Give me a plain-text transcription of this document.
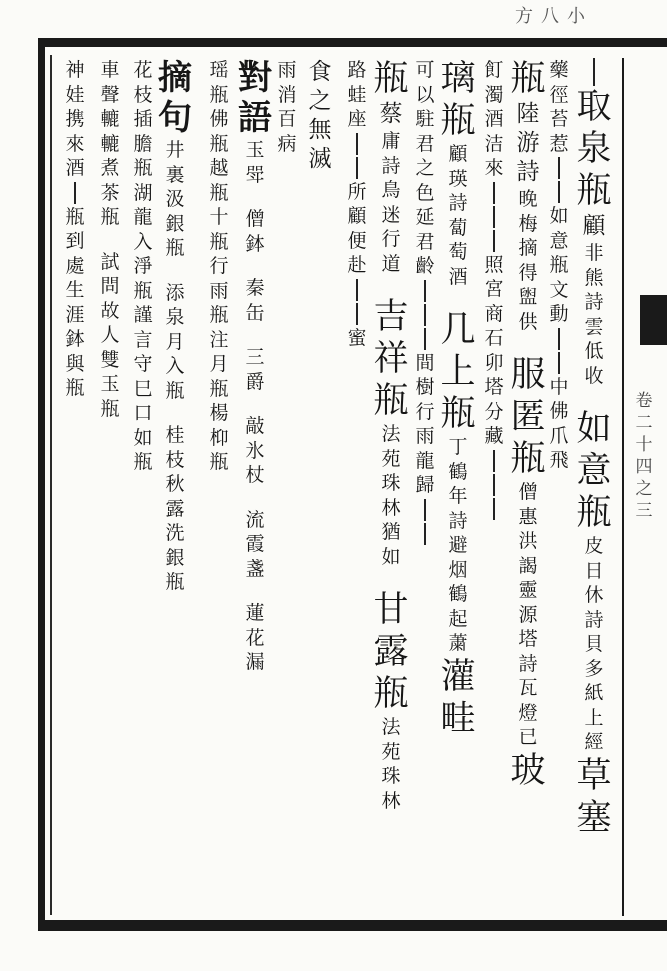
方八小
卷
二
十
四
之
三
取
泉
瓶
顧
非
熊
詩
雲
低
收
如
意
瓶
皮
日
休
詩
貝
多
紙
上
經
草
塞
藥
徑
苔
惹
如
意
瓶
文
動
中
佛
爪
飛
瓶
陸
游
詩
晚
梅
摘
得
盥
供
服
匿
瓶
僧
惠
洪
謁
靈
源
塔
詩
瓦
燈
已
玻
飣
濁
酒
洁
來
照
宮
商
石
卯
塔
分
藏
璃
瓶
顧
瑛
詩
蔔
萄
酒
几
上
瓶
丁
鶴
年
詩
避
烟
鶴
起
䔥
灌
畦
可
以
駐
君
之
色
延
君
齡
間
樹
行
雨
龍
歸
瓶
蔡
庸
詩
鳥
迷
行
道
吉
祥
瓶
法
苑
珠
林
猶
如
甘
露
瓶
法
苑
珠
林
路
蛙
座
所
顧
便
赴
蜜
食
之
無
滅
雨
消
百
病
對
語
玉
斝
僧
鉢
秦
缶
三
爵
敲
氷
杖
流
霞
盞
蓮
花
漏
瑶
瓶
佛
瓶
越
瓶
十
瓶
行
雨
瓶
注
月
瓶
楊
枊
瓶
摘
句
井
裏
汲
銀
瓶
添
泉
月
入
瓶
桂
枝
秋
露
洗
銀
瓶
花
枝
插
膽
瓶
湖
龍
入
淨
瓶
謹
言
守
巳
口
如
瓶
車
聲
轆
轆
煮
茶
瓶
試
問
故
人
雙
玉
瓶
神
娃
携
來
酒
瓶
到
處
生
涯
鉢
與
瓶
